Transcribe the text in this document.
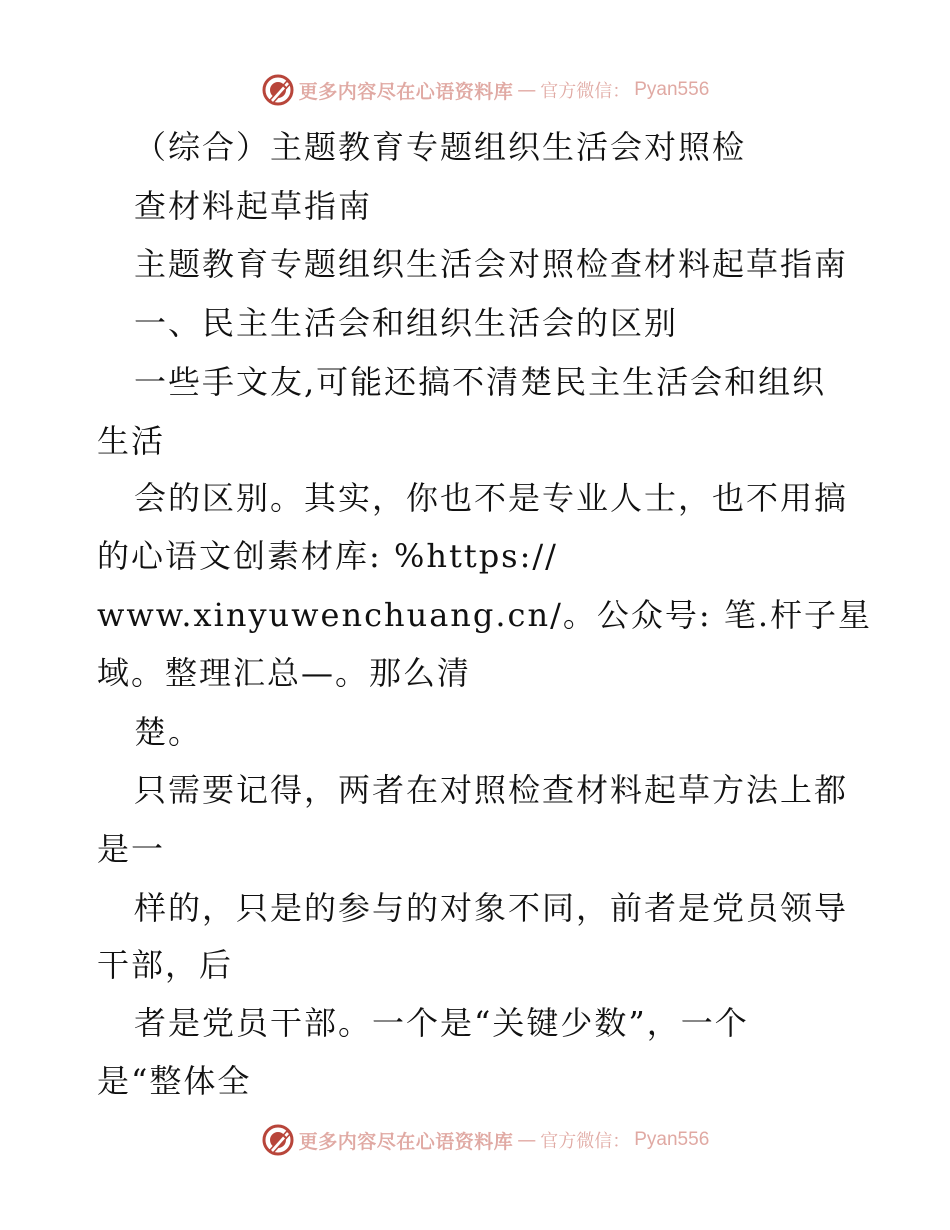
更多内容尽在心语资料库 — 官方微信： Pyan556
（综合）主题教育专题组织生活会对照检
查材料起草指南
主题教育专题组织生活会对照检查材料起草指南
一、民主生活会和组织生活会的区别
一些手文友,可能还搞不清楚民主生活会和组织
生活
会的区别。其实，你也不是专业人士，也不用搞
的心语文创素材库: %https://
www.xinyuwenchuang.cn/。公众号: 笔.杆子星
域。整理汇总—。那么清
楚。
只需要记得，两者在对照检查材料起草方法上都
是一
样的，只是的参与的对象不同，前者是党员领导
干部，后
者是党员干部。一个是“关键少数”，一个
是“整体全
更多内容尽在心语资料库 — 官方微信： Pyan556
